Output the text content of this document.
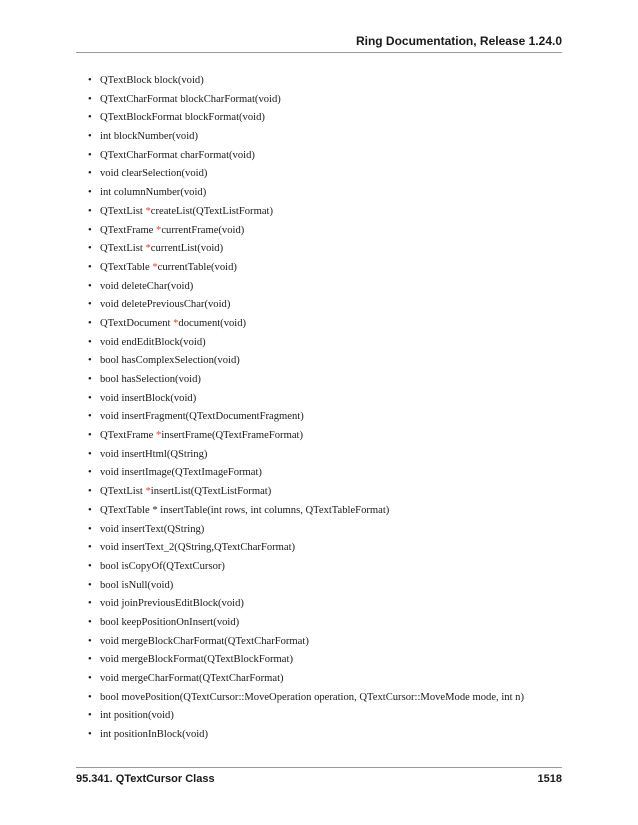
Ring Documentation, Release 1.24.0
• QTextBlock block(void)
• QTextCharFormat blockCharFormat(void)
• QTextBlockFormat blockFormat(void)
• int blockNumber(void)
• QTextCharFormat charFormat(void)
• void clearSelection(void)
• int columnNumber(void)
• QTextList *createList(QTextListFormat)
• QTextFrame *currentFrame(void)
• QTextList *currentList(void)
• QTextTable *currentTable(void)
• void deleteChar(void)
• void deletePreviousChar(void)
• QTextDocument *document(void)
• void endEditBlock(void)
• bool hasComplexSelection(void)
• bool hasSelection(void)
• void insertBlock(void)
• void insertFragment(QTextDocumentFragment)
• QTextFrame *insertFrame(QTextFrameFormat)
• void insertHtml(QString)
• void insertImage(QTextImageFormat)
• QTextList *insertList(QTextListFormat)
• QTextTable * insertTable(int rows, int columns, QTextTableFormat)
• void insertText(QString)
• void insertText_2(QString,QTextCharFormat)
• bool isCopyOf(QTextCursor)
• bool isNull(void)
• void joinPreviousEditBlock(void)
• bool keepPositionOnInsert(void)
• void mergeBlockCharFormat(QTextCharFormat)
• void mergeBlockFormat(QTextBlockFormat)
• void mergeCharFormat(QTextCharFormat)
• bool movePosition(QTextCursor::MoveOperation operation, QTextCursor::MoveMode mode, int n)
• int position(void)
• int positionInBlock(void)
95.341. QTextCursor Class	1518
